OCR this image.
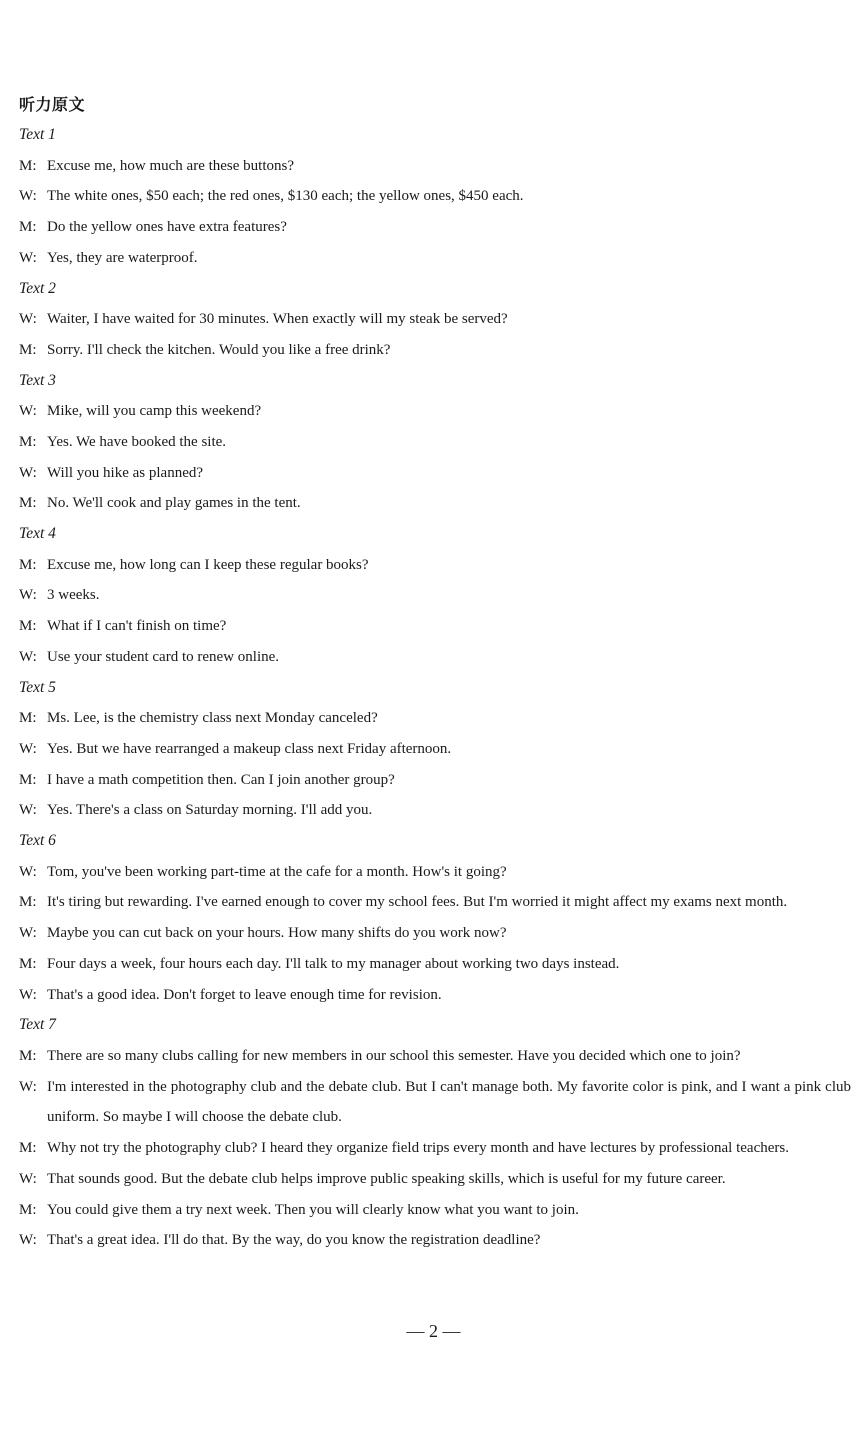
听力原文
Text 1
M: Excuse me, how much are these buttons?
W: The white ones, $50 each; the red ones, $130 each; the yellow ones, $450 each.
M: Do the yellow ones have extra features?
W: Yes, they are waterproof.
Text 2
W: Waiter, I have waited for 30 minutes. When exactly will my steak be served?
M: Sorry. I'll check the kitchen. Would you like a free drink?
Text 3
W: Mike, will you camp this weekend?
M: Yes. We have booked the site.
W: Will you hike as planned?
M: No. We'll cook and play games in the tent.
Text 4
M: Excuse me, how long can I keep these regular books?
W: 3 weeks.
M: What if I can't finish on time?
W: Use your student card to renew online.
Text 5
M: Ms. Lee, is the chemistry class next Monday canceled?
W: Yes. But we have rearranged a makeup class next Friday afternoon.
M: I have a math competition then. Can I join another group?
W: Yes. There's a class on Saturday morning. I'll add you.
Text 6
W: Tom, you've been working part-time at the cafe for a month. How's it going?
M: It's tiring but rewarding. I've earned enough to cover my school fees. But I'm worried it might affect my exams next month.
W: Maybe you can cut back on your hours. How many shifts do you work now?
M: Four days a week, four hours each day. I'll talk to my manager about working two days instead.
W: That's a good idea. Don't forget to leave enough time for revision.
Text 7
M: There are so many clubs calling for new members in our school this semester. Have you decided which one to join?
W: I'm interested in the photography club and the debate club. But I can't manage both. My favorite color is pink, and I want a pink club uniform. So maybe I will choose the debate club.
M: Why not try the photography club? I heard they organize field trips every month and have lectures by professional teachers.
W: That sounds good. But the debate club helps improve public speaking skills, which is useful for my future career.
M: You could give them a try next week. Then you will clearly know what you want to join.
W: That's a great idea. I'll do that. By the way, do you know the registration deadline?
— 2 —
